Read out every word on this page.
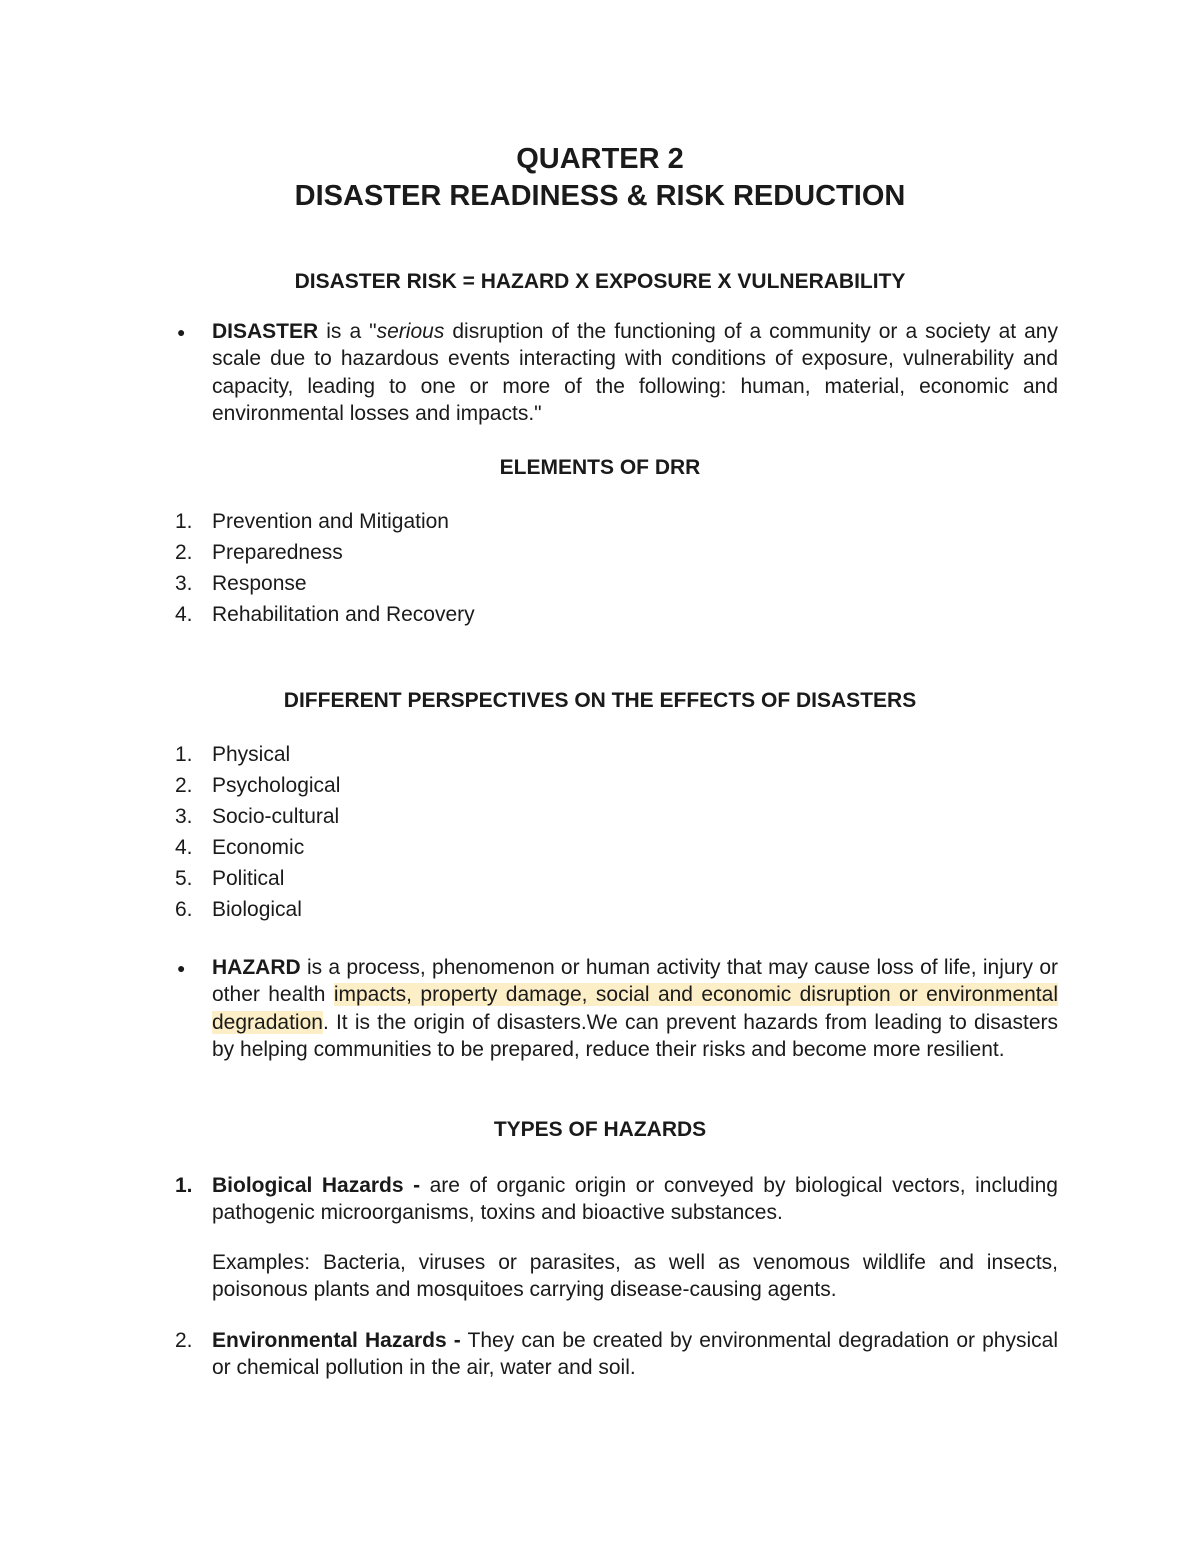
QUARTER 2
DISASTER READINESS & RISK REDUCTION
DISASTER RISK = HAZARD X EXPOSURE X VULNERABILITY
● DISASTER is a "serious disruption of the functioning of a community or a society at any scale due to hazardous events interacting with conditions of exposure, vulnerability and capacity, leading to one or more of the following: human, material, economic and environmental losses and impacts."
ELEMENTS OF DRR
1. Prevention and Mitigation
2. Preparedness
3. Response
4. Rehabilitation and Recovery
DIFFERENT PERSPECTIVES ON THE EFFECTS OF DISASTERS
1. Physical
2. Psychological
3. Socio-cultural
4. Economic
5. Political
6. Biological
● HAZARD is a process, phenomenon or human activity that may cause loss of life, injury or other health impacts, property damage, social and economic disruption or environmental degradation. It is the origin of disasters.We can prevent hazards from leading to disasters by helping communities to be prepared, reduce their risks and become more resilient.
TYPES OF HAZARDS
1. Biological Hazards - are of organic origin or conveyed by biological vectors, including pathogenic microorganisms, toxins and bioactive substances.
Examples: Bacteria, viruses or parasites, as well as venomous wildlife and insects, poisonous plants and mosquitoes carrying disease-causing agents.
2. Environmental Hazards - They can be created by environmental degradation or physical or chemical pollution in the air, water and soil.
